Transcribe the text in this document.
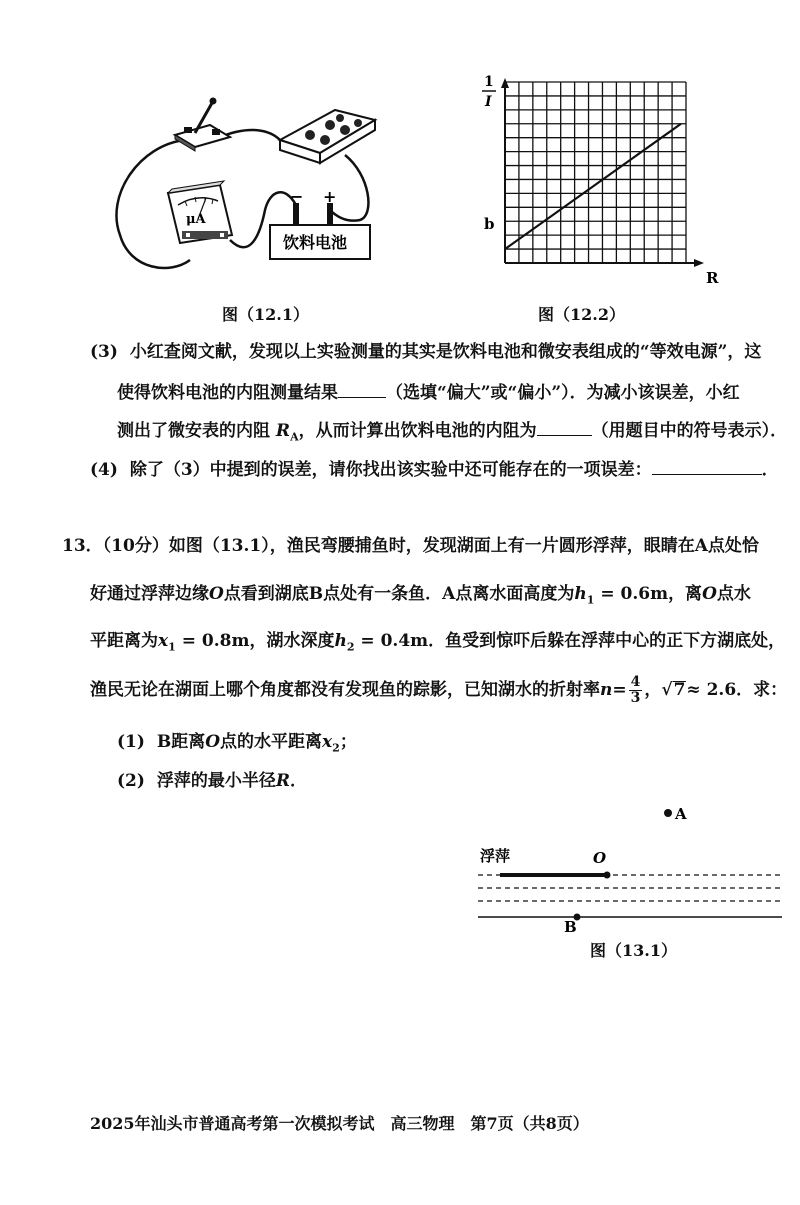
μA
− +
饮料电池
图（12.1）
1
I
b
R
图（12.2）
(3) 小红查阅文献，发现以上实验测量的其实是饮料电池和微安表组成的“等效电源”，这
使得饮料电池的内阻测量结果	（选填“偏大”或“偏小”）．为减小该误差，小红
测出了微安表的内阻 $R_A$，从而计算出饮料电池的内阻为	（用题目中的符号表示）．
(4) 除了（3）中提到的误差，请你找出该实验中还可能存在的一项误差：	．
13．（10分）如图（13.1），渔民弯腰捕鱼时，发现湖面上有一片圆形浮萍，眼睛在A点处恰
好通过浮萍边缘O点看到湖底B点处有一条鱼．A点离水面高度为$h_1 = 0.6m$，离O点水
平距离为$x_1 = 0.8m$，湖水深度$h_2 = 0.4m$．鱼受到惊吓后躲在浮萍中心的正下方湖底处，
渔民无论在湖面上哪个角度都没有发现鱼的踪影，已知湖水的折射率 $n = \frac{4}{3}$ ， √ 7 ≈ 2.6 ．求：
(1) B距离O点的水平距离$x_2$；
(2) 浮萍的最小半径R．
A
浮萍	O
B
图（13.1）
2025年汕头市普通高考第一次模拟考试　高三物理　第7页（共8页）
